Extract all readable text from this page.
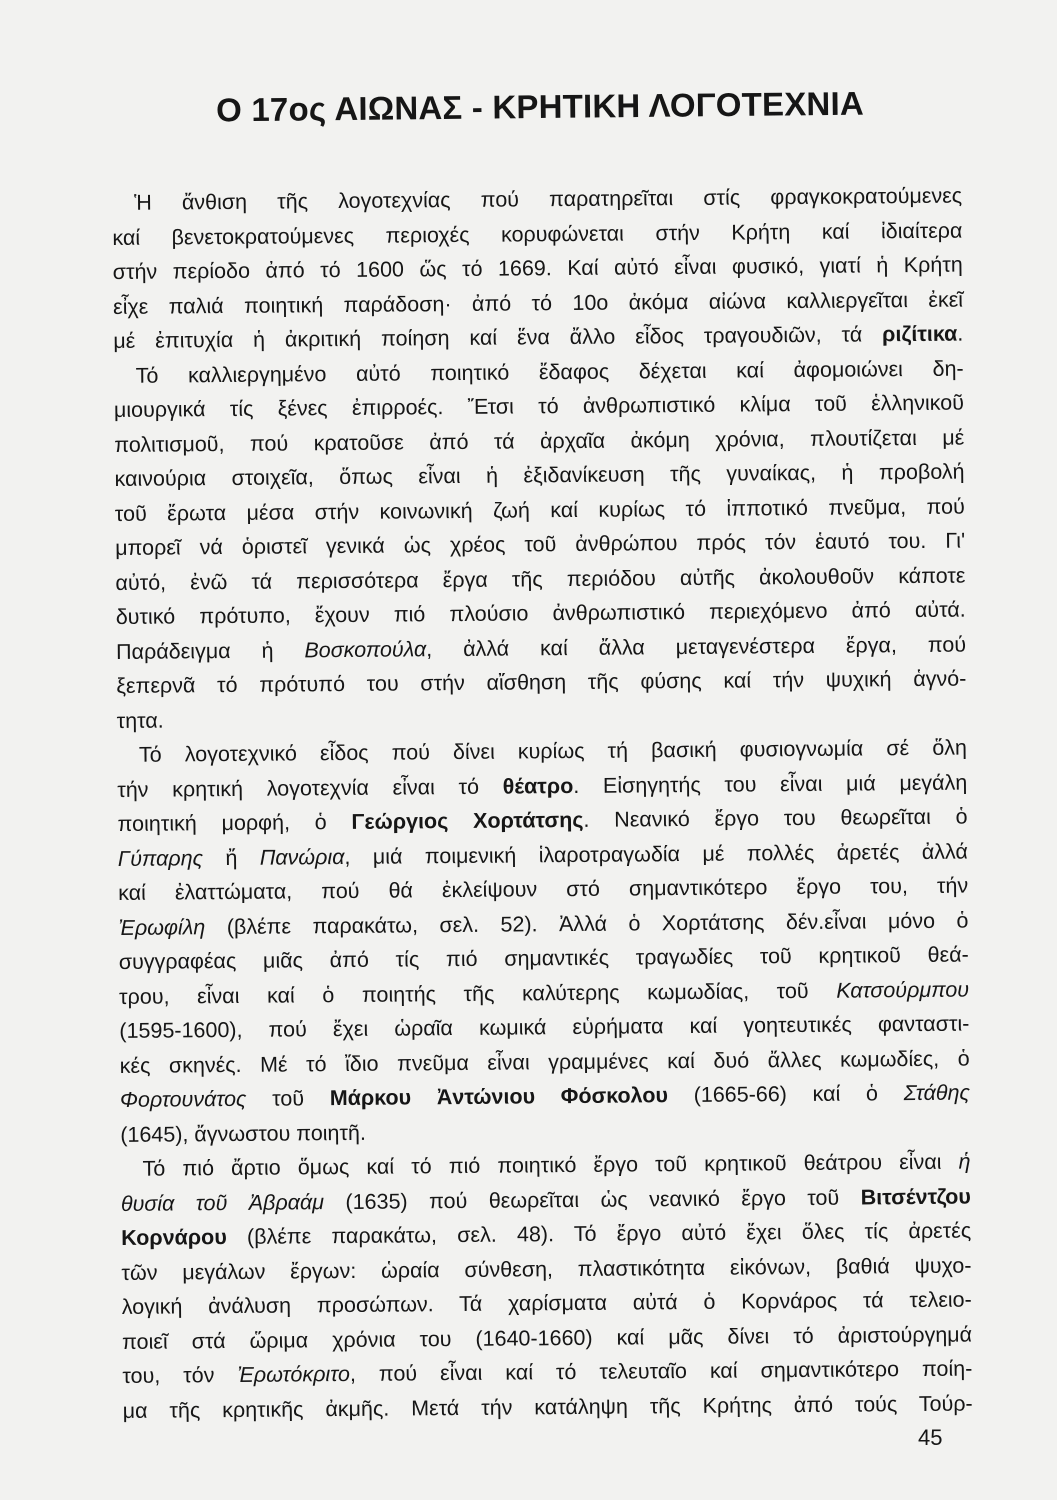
Ο 17ος ΑΙΩΝΑΣ - ΚΡΗΤΙΚΗ ΛΟΓΟΤΕΧΝΙΑ
Ἡ ἄνθιση τῆς λογοτεχνίας πού παρατηρεῖται στίς φραγκοκρατούμενες
καί βενετοκρατούμενες περιοχές κορυφώνεται στήν Κρήτη καί ἰδιαίτερα
στήν περίοδο ἀπό τό 1600 ὥς τό 1669. Καί αὐτό εἶναι φυσικό, γιατί ἡ Κρήτη
εἶχε παλιά ποιητική παράδοση· ἀπό τό 10ο ἀκόμα αἰώνα καλλιεργεῖται ἐκεῖ
μέ ἐπιτυχία ἡ ἀκριτική ποίηση καί ἕνα ἄλλο εἶδος τραγουδιῶν, τά ριζίτικα.
Τό καλλιεργημένο αὐτό ποιητικό ἔδαφος δέχεται καί ἀφομοιώνει δη-
μιουργικά τίς ξένες ἐπιρροές. Ἔτσι τό ἀνθρωπιστικό κλίμα τοῦ ἑλληνικοῦ
πολιτισμοῦ, πού κρατοῦσε ἀπό τά ἀρχαῖα ἀκόμη χρόνια, πλουτίζεται μέ
καινούρια στοιχεῖα, ὅπως εἶναι ἡ ἐξιδανίκευση τῆς γυναίκας, ἡ προβολή
τοῦ ἔρωτα μέσα στήν κοινωνική ζωή καί κυρίως τό ἱπποτικό πνεῦμα, πού
μπορεῖ νά ὁριστεῖ γενικά ὡς χρέος τοῦ ἀνθρώπου πρός τόν ἑαυτό του. Γι'
αὐτό, ἐνῶ τά περισσότερα ἔργα τῆς περιόδου αὐτῆς ἀκολουθοῦν κάποτε
δυτικό πρότυπο, ἔχουν πιό πλούσιο ἀνθρωπιστικό περιεχόμενο ἀπό αὐτά.
Παράδειγμα ἡ Βοσκοπούλα, ἀλλά καί ἄλλα μεταγενέστερα ἔργα, πού
ξεπερνᾶ τό πρότυπό του στήν αἴσθηση τῆς φύσης καί τήν ψυχική ἁγνό-
τητα.
Τό λογοτεχνικό εἶδος πού δίνει κυρίως τή βασική φυσιογνωμία σέ ὅλη
τήν κρητική λογοτεχνία εἶναι τό θέατρο. Εἰσηγητής του εἶναι μιά μεγάλη
ποιητική μορφή, ὁ Γεώργιος Χορτάτσης. Νεανικό ἔργο του θεωρεῖται ὁ
Γύπαρης ἤ Πανώρια, μιά ποιμενική ἱλαροτραγωδία μέ πολλές ἀρετές ἀλλά
καί ἐλαττώματα, πού θά ἐκλείψουν στό σημαντικότερο ἔργο του, τήν
Ἐρωφίλη (βλέπε παρακάτω, σελ. 52). Ἀλλά ὁ Χορτάτσης δέν.εἶναι μόνο ὁ
συγγραφέας μιᾶς ἀπό τίς πιό σημαντικές τραγωδίες τοῦ κρητικοῦ θεά-
τρου, εἶναι καί ὁ ποιητής τῆς καλύτερης κωμωδίας, τοῦ Κατσούρμπου
(1595-1600), πού ἔχει ὡραῖα κωμικά εὑρήματα καί γοητευτικές φανταστι-
κές σκηνές. Μέ τό ἴδιο πνεῦμα εἶναι γραμμένες καί δυό ἄλλες κωμωδίες, ὁ
Φορτουνάτος τοῦ Μάρκου Ἀντώνιου Φόσκολου (1665-66) καί ὁ Στάθης
(1645), ἄγνωστου ποιητῆ.
Τό πιό ἄρτιο ὅμως καί τό πιό ποιητικό ἔργο τοῦ κρητικοῦ θεάτρου εἶναι ἡ
θυσία τοῦ Ἀβραάμ (1635) πού θεωρεῖται ὡς νεανικό ἔργο τοῦ Βιτσέντζου
Κορνάρου (βλέπε παρακάτω, σελ. 48). Τό ἔργο αὐτό ἔχει ὅλες τίς ἀρετές
τῶν μεγάλων ἔργων: ὡραία σύνθεση, πλαστικότητα εἰκόνων, βαθιά ψυχο-
λογική ἀνάλυση προσώπων. Τά χαρίσματα αὐτά ὁ Κορνάρος τά τελειο-
ποιεῖ στά ὥριμα χρόνια του (1640-1660) καί μᾶς δίνει τό ἀριστούργημά
του, τόν Ἐρωτόκριτο, πού εἶναι καί τό τελευταῖο καί σημαντικότερο ποίη-
μα τῆς κρητικῆς ἀκμῆς. Μετά τήν κατάληψη τῆς Κρήτης ἀπό τούς Τούρ-
45
